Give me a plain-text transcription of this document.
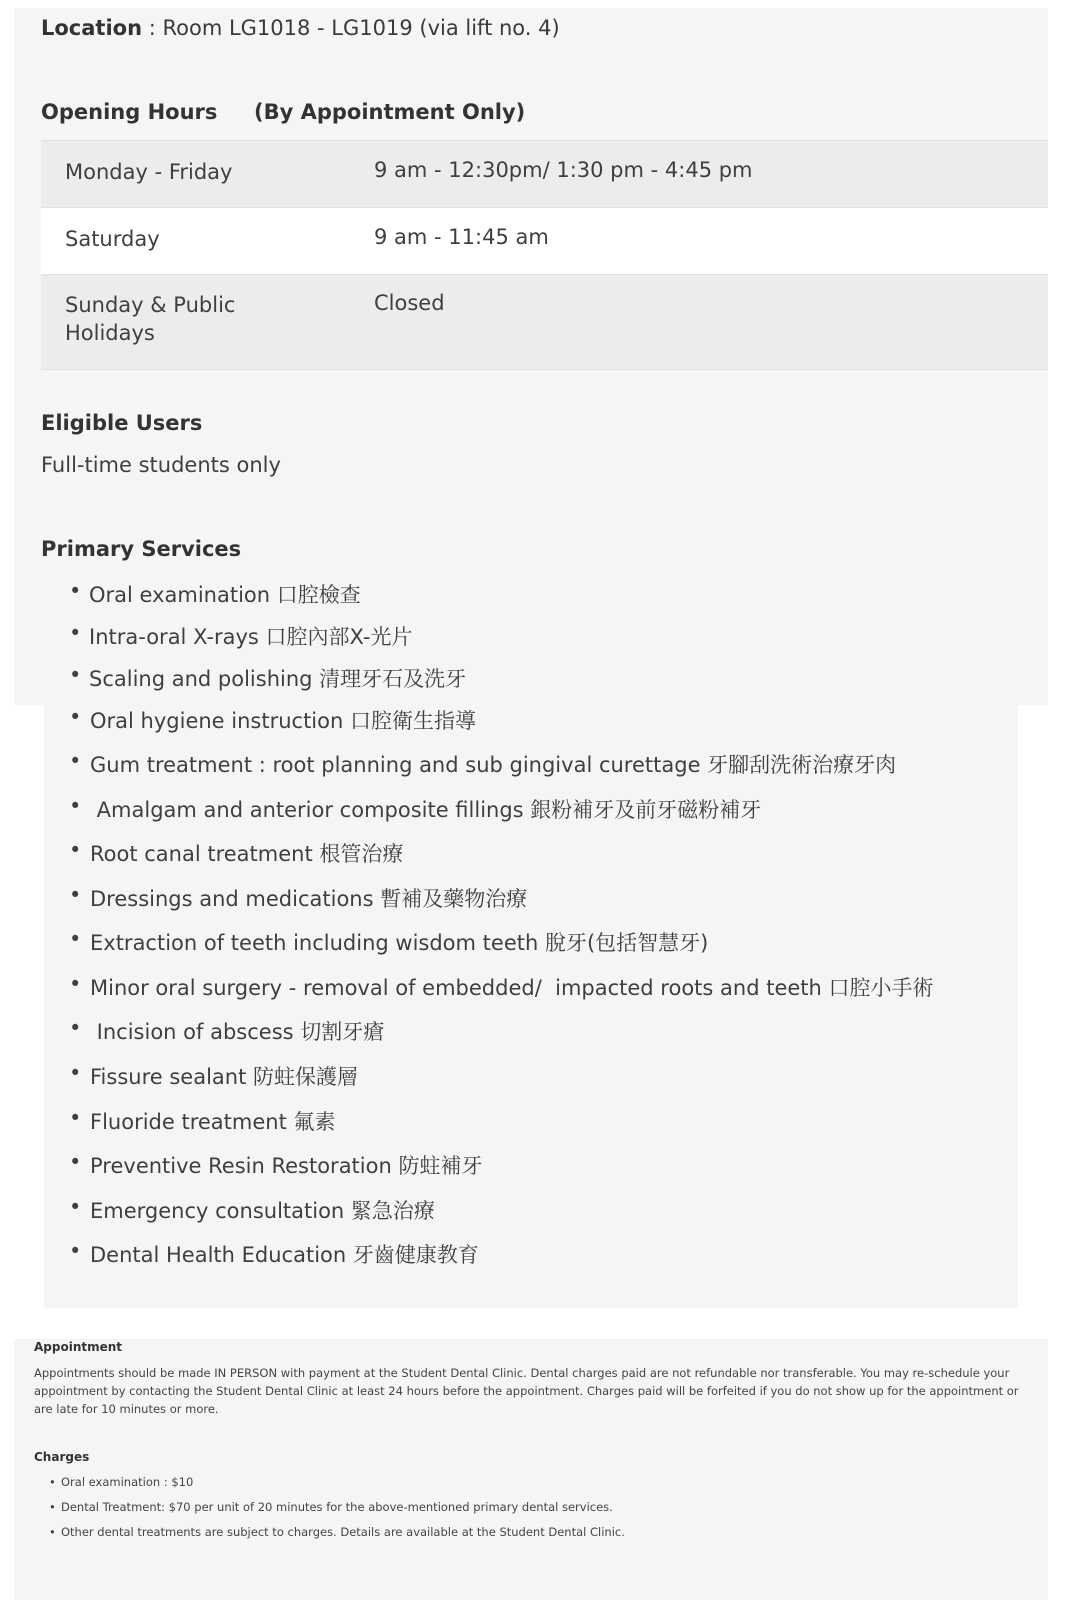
Location : Room LG1018 - LG1019 (via lift no. 4)
Opening Hours (By Appointment Only)
Monday - Friday	9 am - 12:30pm/ 1:30 pm - 4:45 pm
Saturday	9 am - 11:45 am
Sunday & Public
Holidays
Closed
Eligible Users
Full-time students only
Primary Services
• Oral examination 口腔檢查
• Intra-oral X-rays 口腔內部X-光片
• Scaling and polishing 清理牙石及洗牙
• Oral hygiene instruction 口腔衛生指導
• Gum treatment : root planning and sub gingival curettage 牙腳刮洗術治療牙肉
• Amalgam and anterior composite fillings 銀粉補牙及前牙磁粉補牙
• Root canal treatment 根管治療
• Dressings and medications 暫補及藥物治療
• Extraction of teeth including wisdom teeth 脫牙(包括智慧牙)
• Minor oral surgery - removal of embedded/  impacted roots and teeth 口腔小手術
• Incision of abscess 切割牙瘡
• Fissure sealant 防蛀保護層
• Fluoride treatment 氟素
• Preventive Resin Restoration 防蛀補牙
• Emergency consultation 緊急治療
• Dental Health Education 牙齒健康教育
Appointment
Appointments should be made IN PERSON with payment at the Student Dental Clinic. Dental charges paid are not refundable nor transferable. You may re-schedule your appointment by contacting the Student Dental Clinic at least 24 hours before the appointment. Charges paid will be forfeited if you do not show up for the appointment or are late for 10 minutes or more.
Charges
• Oral examination : $10
• Dental Treatment: $70 per unit of 20 minutes for the above-mentioned primary dental services.
• Other dental treatments are subject to charges. Details are available at the Student Dental Clinic.
